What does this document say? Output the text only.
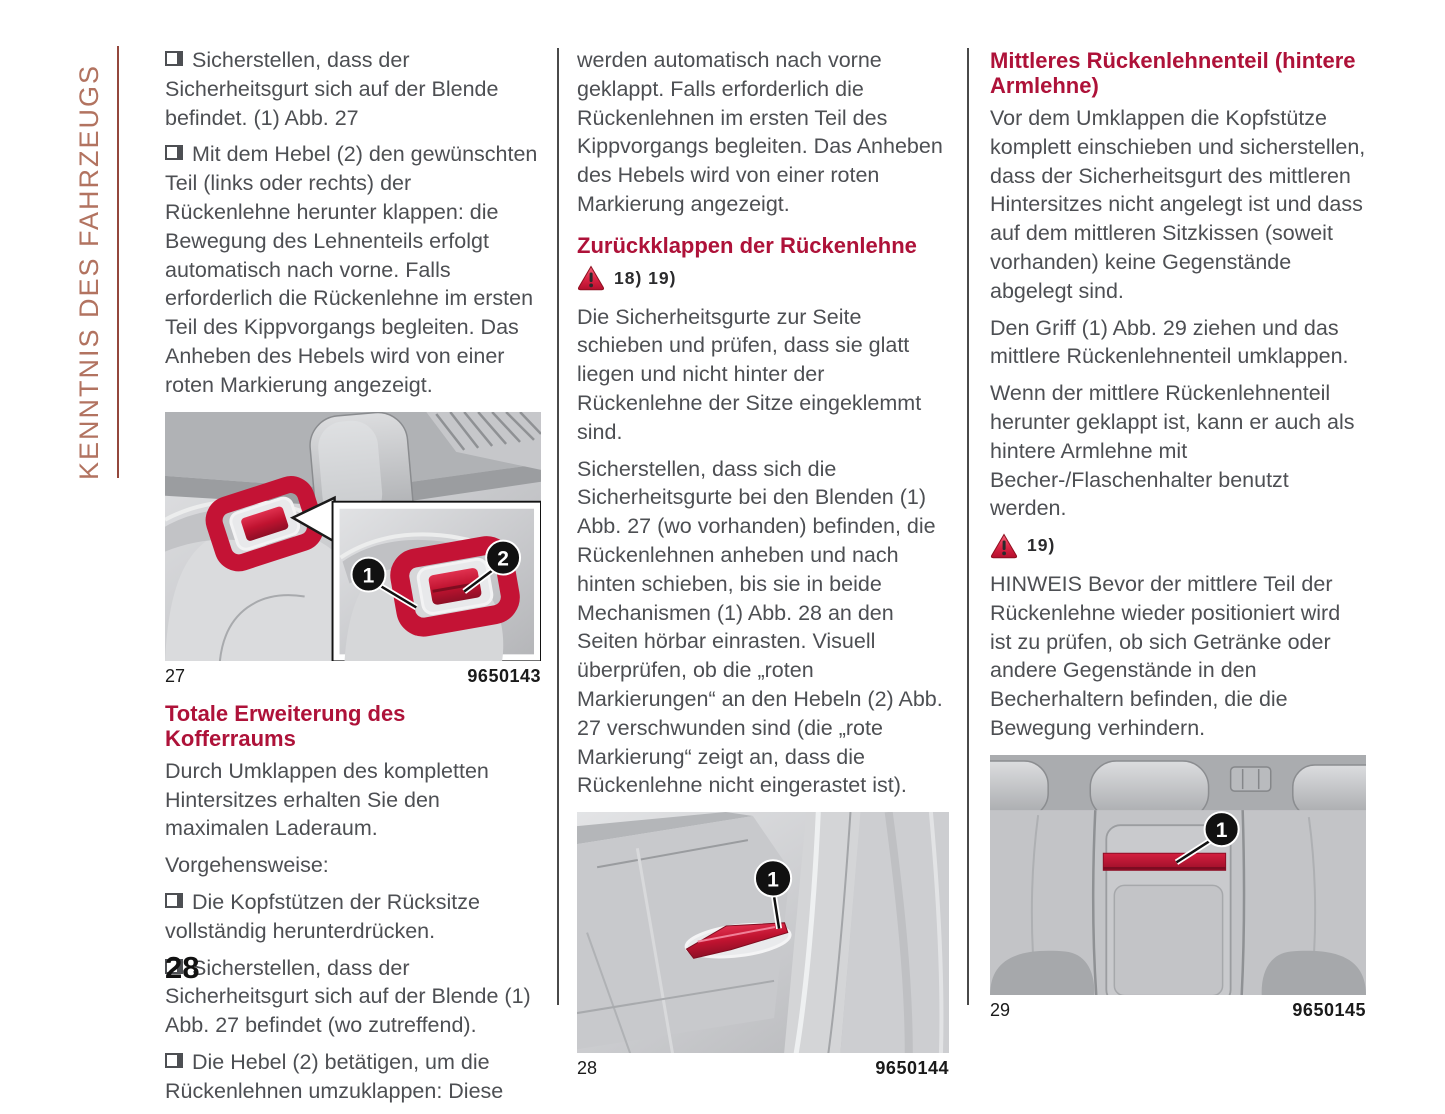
KENNTNIS DES FAHRZEUGS

Sicherstellen, dass der Sicherheitsgurt sich auf der Blende befindet. (1) Abb. 27

Mit dem Hebel (2) den gewünschten Teil (links oder rechts) der Rückenlehne herunter klappen: die Bewegung des Lehnenteils erfolgt automatisch nach vorne. Falls erforderlich die Rückenlehne im ersten Teil des Kippvorgangs begleiten. Das Anheben des Hebels wird von einer roten Markierung angezeigt.

1
2
27	9650143
Totale Erweiterung des Kofferraums

Durch Umklappen des kompletten Hintersitzes erhalten Sie den maximalen Laderaum.

Vorgehensweise:

Die Kopfstützen der Rücksitze vollständig herunterdrücken.

Sicherstellen, dass der Sicherheitsgurt sich auf der Blende (1) Abb. 27 befindet (wo zutreffend).

Die Hebel (2) betätigen, um die Rückenlehnen umzuklappen: Diese

werden automatisch nach vorne geklappt. Falls erforderlich die Rückenlehnen im ersten Teil des Kippvorgangs begleiten. Das Anheben des Hebels wird von einer roten Markierung angezeigt.

Zurückklappen der Rückenlehne
18) 19)

Die Sicherheitsgurte zur Seite schieben und prüfen, dass sie glatt liegen und nicht hinter der Rückenlehne der Sitze eingeklemmt sind.

Sicherstellen, dass sich die Sicherheitsgurte bei den Blenden (1) Abb. 27 (wo vorhanden) befinden, die Rückenlehnen anheben und nach hinten schieben, bis sie in beide Mechanismen (1) Abb. 28 an den Seiten hörbar einrasten. Visuell überprüfen, ob die „roten Markierungen“ an den Hebeln (2) Abb. 27 verschwunden sind (die „rote Markierung“ zeigt an, dass die Rückenlehne nicht eingerastet ist).

1
28	9650144
Mittleres Rückenlehnenteil (hintere Armlehne)

Vor dem Umklappen die Kopfstütze komplett einschieben und sicherstellen, dass der Sicherheitsgurt des mittleren Hintersitzes nicht angelegt ist und dass auf dem mittleren Sitzkissen (soweit vorhanden) keine Gegenstände abgelegt sind.

Den Griff (1) Abb. 29 ziehen und das mittlere Rückenlehnenteil umklappen.

Wenn der mittlere Rückenlehnenteil herunter geklappt ist, kann er auch als hintere Armlehne mit Becher-/Flaschenhalter benutzt werden.

19)

HINWEIS Bevor der mittlere Teil der Rückenlehne wieder positioniert wird ist zu prüfen, ob sich Getränke oder andere Gegenstände in den Becherhaltern befinden, die die Bewegung verhindern.

1
29	9650145
28
